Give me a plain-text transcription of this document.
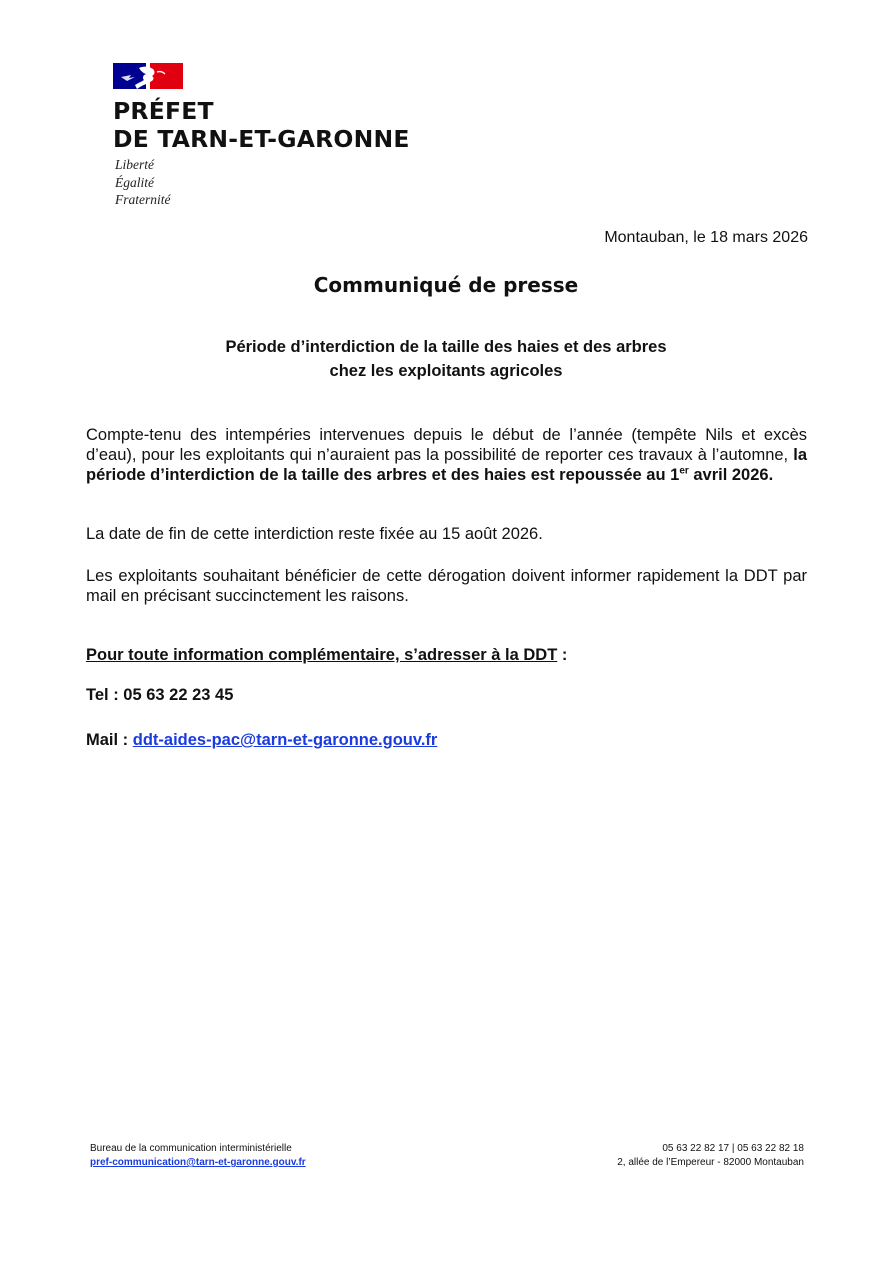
PRÉFET
DE TARN-ET-GARONNE
Liberté
Égalité
Fraternité
Montauban, le 18 mars 2026
Communiqué de presse
Période d’interdiction de la taille des haies et des arbres
chez les exploitants agricoles
Compte-tenu des intempéries intervenues depuis le début de l’année (tempête Nils et excès d’eau), pour les exploitants qui n’auraient pas la possibilité de reporter ces travaux à l’automne, la période d’interdiction de la taille des arbres et des haies est repoussée au 1er avril 2026.
La date de fin de cette interdiction reste fixée au 15 août 2026.
Les exploitants souhaitant bénéficier de cette dérogation doivent informer rapidement la DDT par mail en précisant succinctement les raisons.
Pour toute information complémentaire, s’adresser à la DDT :
Tel : 05 63 22 23 45
Mail : ddt-aides-pac@tarn-et-garonne.gouv.fr
Bureau de la communication interministérielle
pref-communication@tarn-et-garonne.gouv.fr
05 63 22 82 17 | 05 63 22 82 18
2, allée de l’Empereur - 82000 Montauban
